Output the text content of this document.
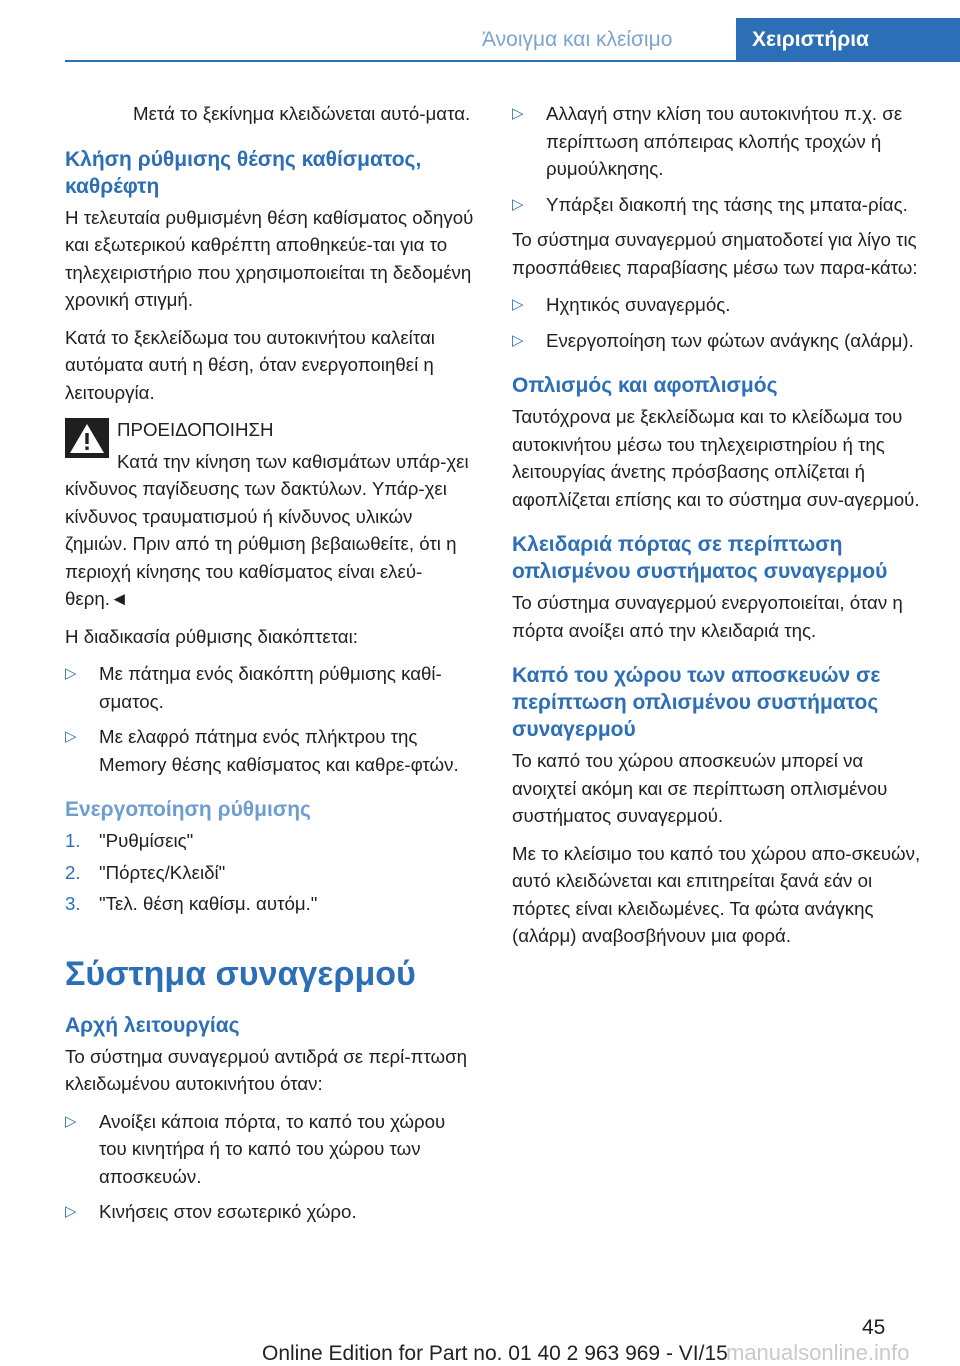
Άνοιγμα και κλείσιμο	Χειριστήρια

Μετά το ξεκίνημα κλειδώνεται αυτό-ματα.

Κλήση ρύθμισης θέσης καθίσματος, καθρέφτη

Η τελευταία ρυθμισμένη θέση καθίσματος οδηγού και εξωτερικού καθρέπτη αποθηκεύε-ται για το τηλεχειριστήριο που χρησιμοποιείται τη δεδομένη χρονική στιγμή.

Κατά το ξεκλείδωμα του αυτοκινήτου καλείται αυτόματα αυτή η θέση, όταν ενεργοποιηθεί η λειτουργία.

ΠΡΟΕΙΔΟΠΟΙΗΣΗ

Κατά την κίνηση των καθισμάτων υπάρ-χει κίνδυνος παγίδευσης των δακτύλων. Υπάρ-χει κίνδυνος τραυματισμού ή κίνδυνος υλικών ζημιών. Πριν από τη ρύθμιση βεβαιωθείτε, ότι η περιοχή κίνησης του καθίσματος είναι ελεύ-θερη.◄

Η διαδικασία ρύθμισης διακόπτεται:

▷ Με πάτημα ενός διακόπτη ρύθμισης καθί-σματος.
▷ Με ελαφρό πάτημα ενός πλήκτρου της Memory θέσης καθίσματος και καθρε-φτών.
Ενεργοποίηση ρύθμισης
1. "Ρυθμίσεις"
2. "Πόρτες/Κλειδί"
3. "Τελ. θέση καθίσμ. αυτόμ."
Σύστημα συναγερμού
Αρχή λειτουργίας

Το σύστημα συναγερμού αντιδρά σε περί-πτωση κλειδωμένου αυτοκινήτου όταν:

▷ Ανοίξει κάποια πόρτα, το καπό του χώρου του κινητήρα ή το καπό του χώρου των αποσκευών.
▷ Κινήσεις στον εσωτερικό χώρο.
▷ Αλλαγή στην κλίση του αυτοκινήτου π.χ. σε περίπτωση απόπειρας κλοπής τροχών ή ρυμούλκησης.
▷ Υπάρξει διακοπή της τάσης της μπατα-ρίας.

Το σύστημα συναγερμού σηματοδοτεί για λίγο τις προσπάθειες παραβίασης μέσω των παρα-κάτω:

▷ Ηχητικός συναγερμός.
▷ Ενεργοποίηση των φώτων ανάγκης (αλάρμ).
Οπλισμός και αφοπλισμός

Ταυτόχρονα με ξεκλείδωμα και το κλείδωμα του αυτοκινήτου μέσω του τηλεχειριστηρίου ή της λειτουργίας άνετης πρόσβασης οπλίζεται ή αφοπλίζεται επίσης και το σύστημα συν-αγερμού.

Κλειδαριά πόρτας σε περίπτωση οπλισμένου συστήματος συναγερμού

Το σύστημα συναγερμού ενεργοποιείται, όταν η πόρτα ανοίξει από την κλειδαριά της.

Καπό του χώρου των αποσκευών σε περίπτωση οπλισμένου συστήματος συναγερμού

Το καπό του χώρου αποσκευών μπορεί να ανοιχτεί ακόμη και σε περίπτωση οπλισμένου συστήματος συναγερμού.

Με το κλείσιμο του καπό του χώρου απο-σκευών, αυτό κλειδώνεται και επιτηρείται ξανά εάν οι πόρτες είναι κλειδωμένες. Τα φώτα ανάγκης (αλάρμ) αναβοσβήνουν μια φορά.

45
Online Edition for Part no. 01 40 2 963 969 - VI/15
manualsonline.info
